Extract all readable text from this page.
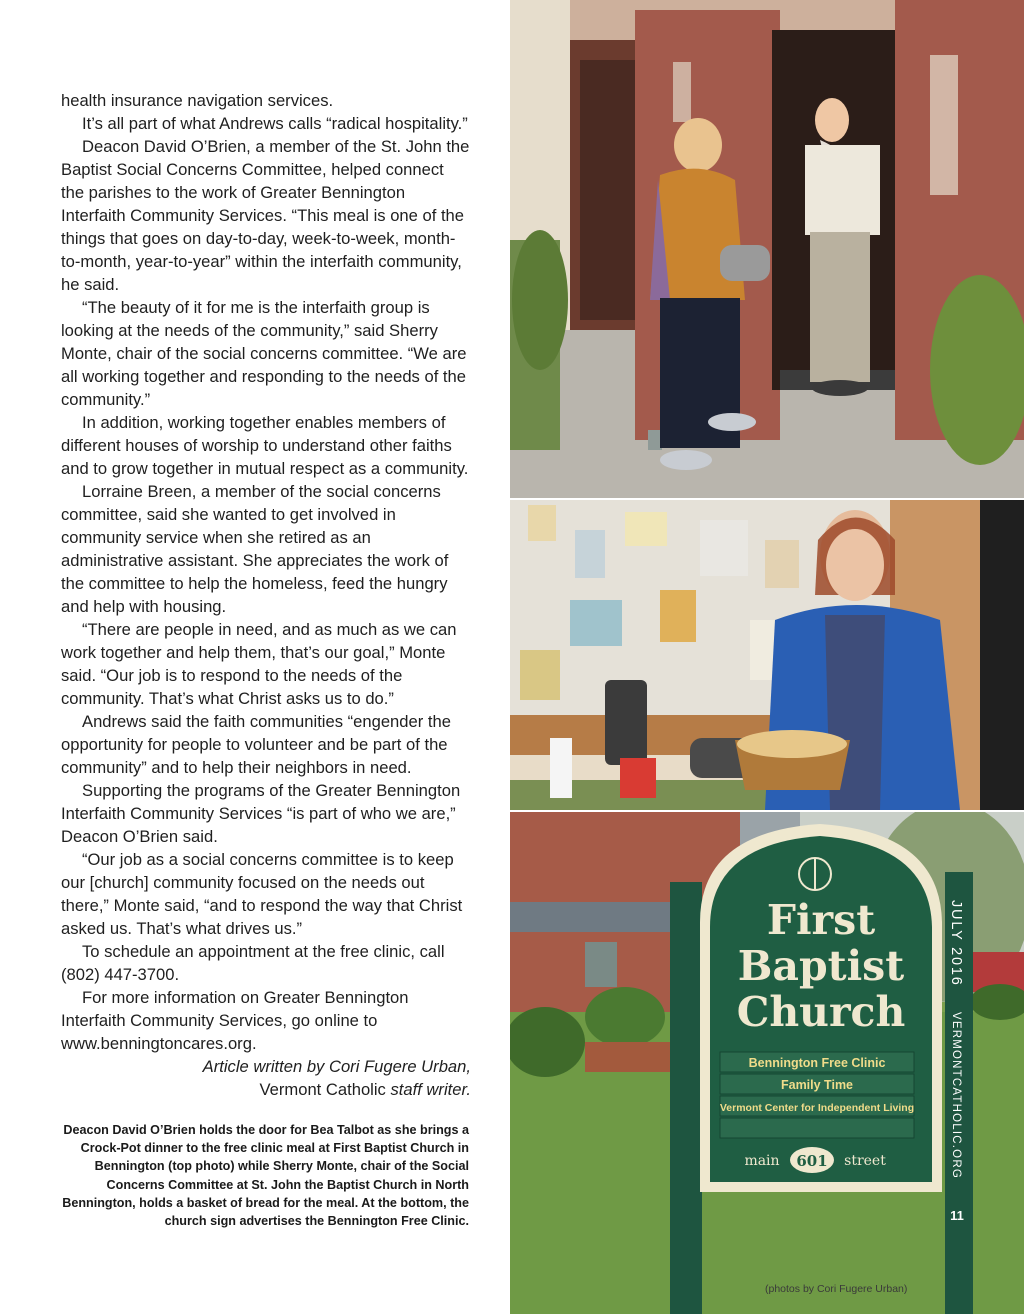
health insurance navigation services.

It’s all part of what Andrews calls “radical hospitality.”

Deacon David O’Brien, a member of the St. John the Baptist Social Concerns Committee, helped connect the parishes to the work of Greater Bennington Interfaith Community Services. “This meal is one of the things that goes on day-to-day, week-to-week, month-to-month, year-to-year” within the interfaith community, he said.

“The beauty of it for me is the interfaith group is looking at the needs of the community,” said Sherry Monte, chair of the social concerns committee. “We are all working together and responding to the needs of the community.”

In addition, working together enables members of different houses of worship to understand other faiths and to grow together in mutual respect as a community.

Lorraine Breen, a member of the social concerns committee, said she wanted to get involved in community service when she retired as an administrative assistant. She appreciates the work of the committee to help the homeless, feed the hungry and help with housing.

“There are people in need, and as much as we can work together and help them, that’s our goal,” Monte said. “Our job is to respond to the needs of the community. That’s what Christ asks us to do.”

Andrews said the faith communities “engender the opportunity for people to volunteer and be part of the community” and to help their neighbors in need.

Supporting the programs of the Greater Bennington Interfaith Community Services “is part of who we are,” Deacon O’Brien said.

“Our job as a social concerns committee is to keep our [church] community focused on the needs out there,” Monte said, “and to respond the way that Christ asked us. That’s what drives us.”

To schedule an appointment at the free clinic, call (802) 447-3700.

For more information on Greater Bennington Interfaith Community Services, go online to www.benningtoncares.org.

Article written by Cori Fugere Urban,
Vermont Catholic staff writer.
Deacon David O’Brien holds the door for Bea Talbot as she brings a Crock-Pot dinner to the free clinic meal at First Baptist Church in Bennington (top photo) while Sherry Monte, chair of the Social Concerns Committee at St. John the Baptist Church in North Bennington, holds a basket of bread for the meal. At the bottom, the church sign advertises the Bennington Free Clinic.
First
Baptist
Church
Bennington Free Clinic
Family Time
Vermont Center for Independent Living
main 601 street
JULY 2016
VERMONTCATHOLIC.ORG
11
(photos by Cori Fugere Urban)
